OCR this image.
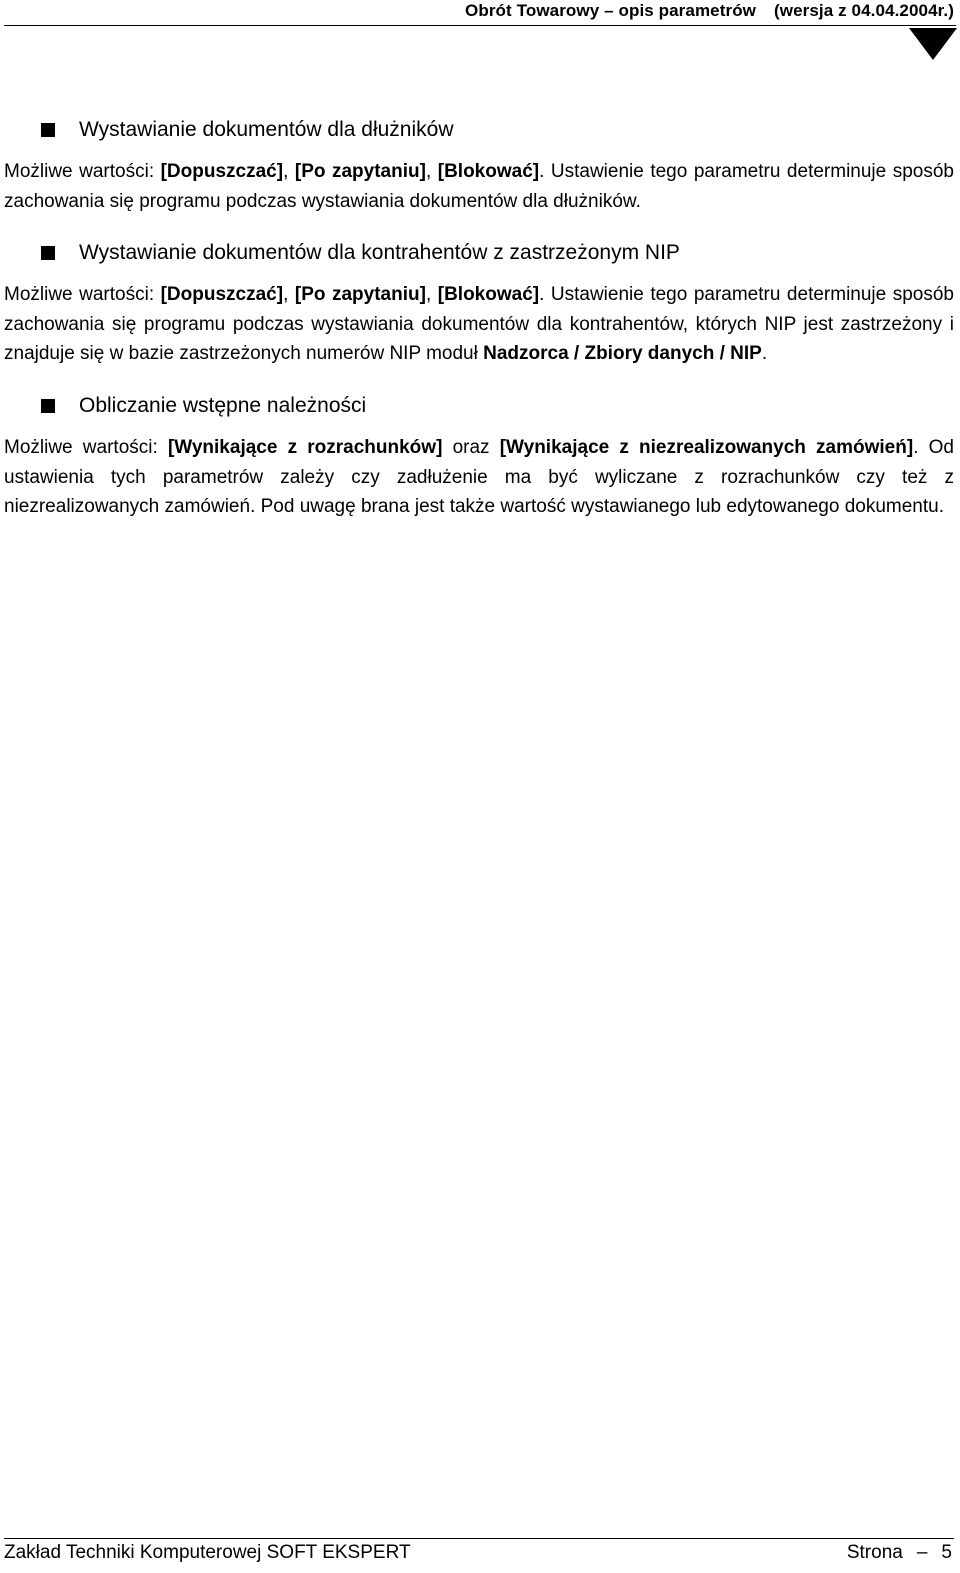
Obrót Towarowy – opis parametrów (wersja z 04.04.2004r.)
Wystawianie dokumentów dla dłużników

Możliwe wartości: [Dopuszczać], [Po zapytaniu], [Blokować]. Ustawienie tego parametru determinuje sposób zachowania się programu podczas wystawiania dokumentów dla dłużników.

Wystawianie dokumentów dla kontrahentów z zastrzeżonym NIP

Możliwe wartości: [Dopuszczać], [Po zapytaniu], [Blokować]. Ustawienie tego parametru determinuje sposób zachowania się programu podczas wystawiania dokumentów dla kontrahentów, których NIP jest zastrzeżony i znajduje się w bazie zastrzeżonych numerów NIP moduł Nadzorca / Zbiory danych / NIP.

Obliczanie wstępne należności

Możliwe wartości: [Wynikające z rozrachunków] oraz [Wynikające z niezrealizowanych zamówień]. Od ustawienia tych parametrów zależy czy zadłużenie ma być wyliczane z rozrachunków czy też z niezrealizowanych zamówień. Pod uwagę brana jest także wartość wystawianego lub edytowanego dokumentu.

Zakład Techniki Komputerowej SOFT EKSPERT	Strona – 5
